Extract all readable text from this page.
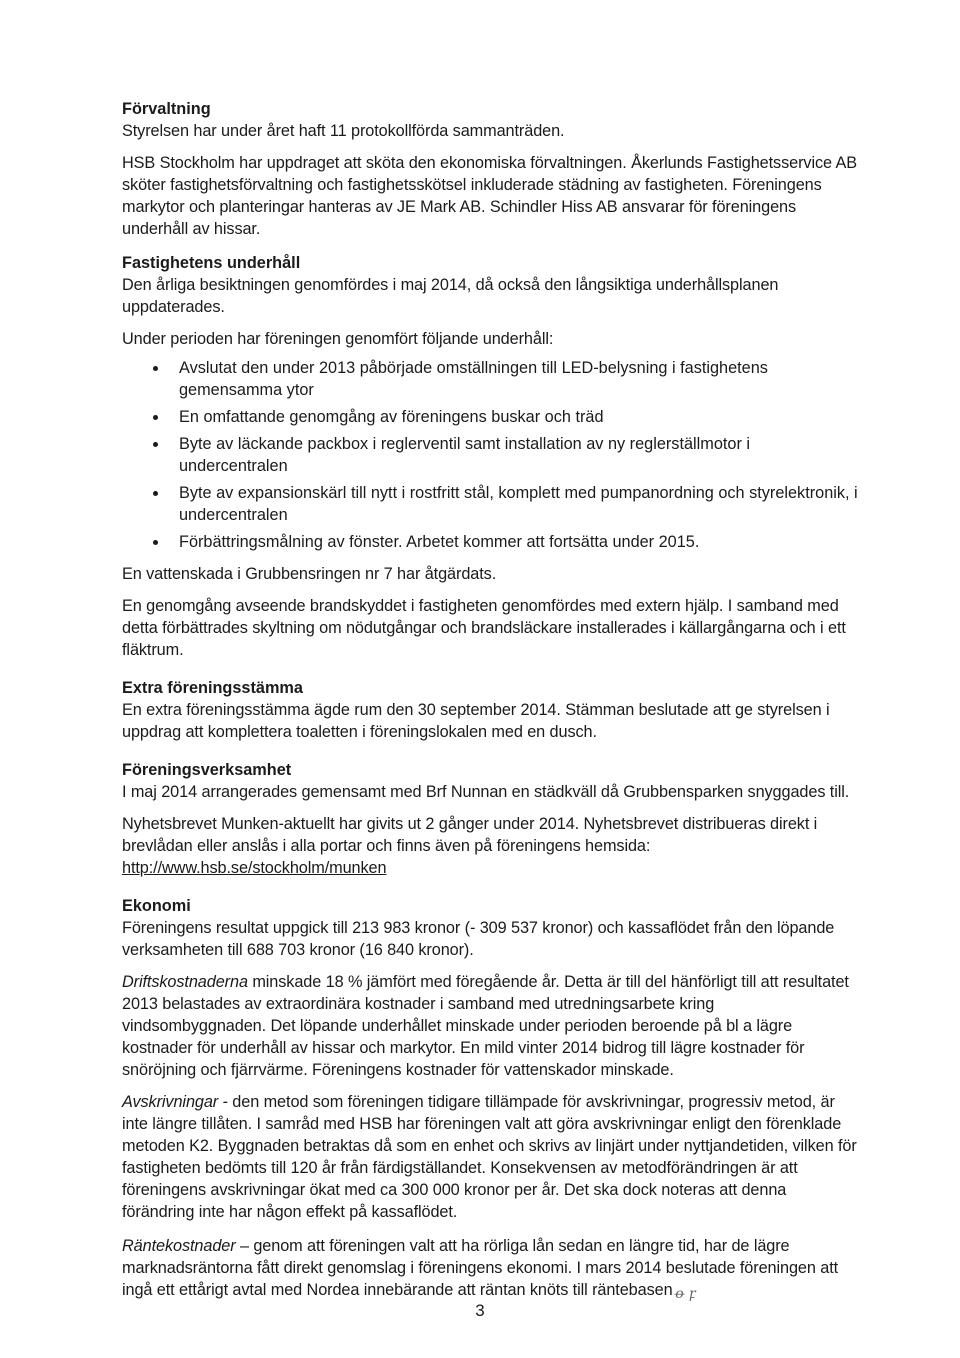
Förvaltning

Styrelsen har under året haft 11 protokollförda sammanträden.

HSB Stockholm har uppdraget att sköta den ekonomiska förvaltningen. Åkerlunds Fastighetsservice AB sköter fastighetsförvaltning och fastighetsskötsel inkluderade städning av fastigheten. Föreningens markytor och planteringar hanteras av JE Mark AB. Schindler Hiss AB ansvarar för föreningens underhåll av hissar.

Fastighetens underhåll

Den årliga besiktningen genomfördes i maj 2014, då också den långsiktiga underhållsplanen uppdaterades.

Under perioden har föreningen genomfört följande underhåll:

Avslutat den under 2013 påbörjade omställningen till LED-belysning i fastighetens gemensamma ytor
En omfattande genomgång av föreningens buskar och träd
Byte av läckande packbox i reglerventil samt installation av ny reglerställmotor i undercentralen
Byte av expansionskärl till nytt i rostfritt stål, komplett med pumpanordning och styrelektronik, i undercentralen
Förbättringsmålning av fönster. Arbetet kommer att fortsätta under 2015.

En vattenskada i Grubbensringen nr 7 har åtgärdats.

En genomgång avseende brandskyddet i fastigheten genomfördes med extern hjälp. I samband med detta förbättrades skyltning om nödutgångar och brandsläckare installerades i källargångarna och i ett fläktrum.

Extra föreningsstämma

En extra föreningsstämma ägde rum den 30 september 2014. Stämman beslutade att ge styrelsen i uppdrag att komplettera toaletten i föreningslokalen med en dusch.

Föreningsverksamhet

I maj 2014 arrangerades gemensamt med Brf Nunnan en städkväll då Grubbensparken snyggades till.

Nyhetsbrevet Munken-aktuellt har givits ut 2 gånger under 2014. Nyhetsbrevet distribueras direkt i brevlådan eller anslås i alla portar och finns även på föreningens hemsida:
http://www.hsb.se/stockholm/munken

Ekonomi

Föreningens resultat uppgick till 213 983 kronor (- 309 537 kronor) och kassaflödet från den löpande verksamheten till 688 703 kronor (16 840 kronor).

Driftskostnaderna minskade 18 % jämfört med föregående år. Detta är till del hänförligt till att resultatet 2013 belastades av extraordinära kostnader i samband med utredningsarbete kring vindsombyggnaden. Det löpande underhållet minskade under perioden beroende på bl a lägre kostnader för underhåll av hissar och markytor. En mild vinter 2014 bidrog till lägre kostnader för snöröjning och fjärrvärme. Föreningens kostnader för vattenskador minskade.

Avskrivningar - den metod som föreningen tidigare tillämpade för avskrivningar, progressiv metod, är inte längre tillåten. I samråd med HSB har föreningen valt att göra avskrivningar enligt den förenklade metoden K2. Byggnaden betraktas då som en enhet och skrivs av linjärt under nyttjandetiden, vilken för fastigheten bedömts till 120 år från färdigställandet. Konsekvensen av metodförändringen är att föreningens avskrivningar ökat med ca 300 000 kronor per år. Det ska dock noteras att denna förändring inte har någon effekt på kassaflödet.

Räntekostnader – genom att föreningen valt att ha rörliga lån sedan en längre tid, har de lägre marknadsräntorna fått direkt genomslag i föreningens ekonomi. I mars 2014 beslutade föreningen att ingå ett ettårigt avtal med Nordea innebärande att räntan knöts till räntebasen ꝋ ꝼ

3
